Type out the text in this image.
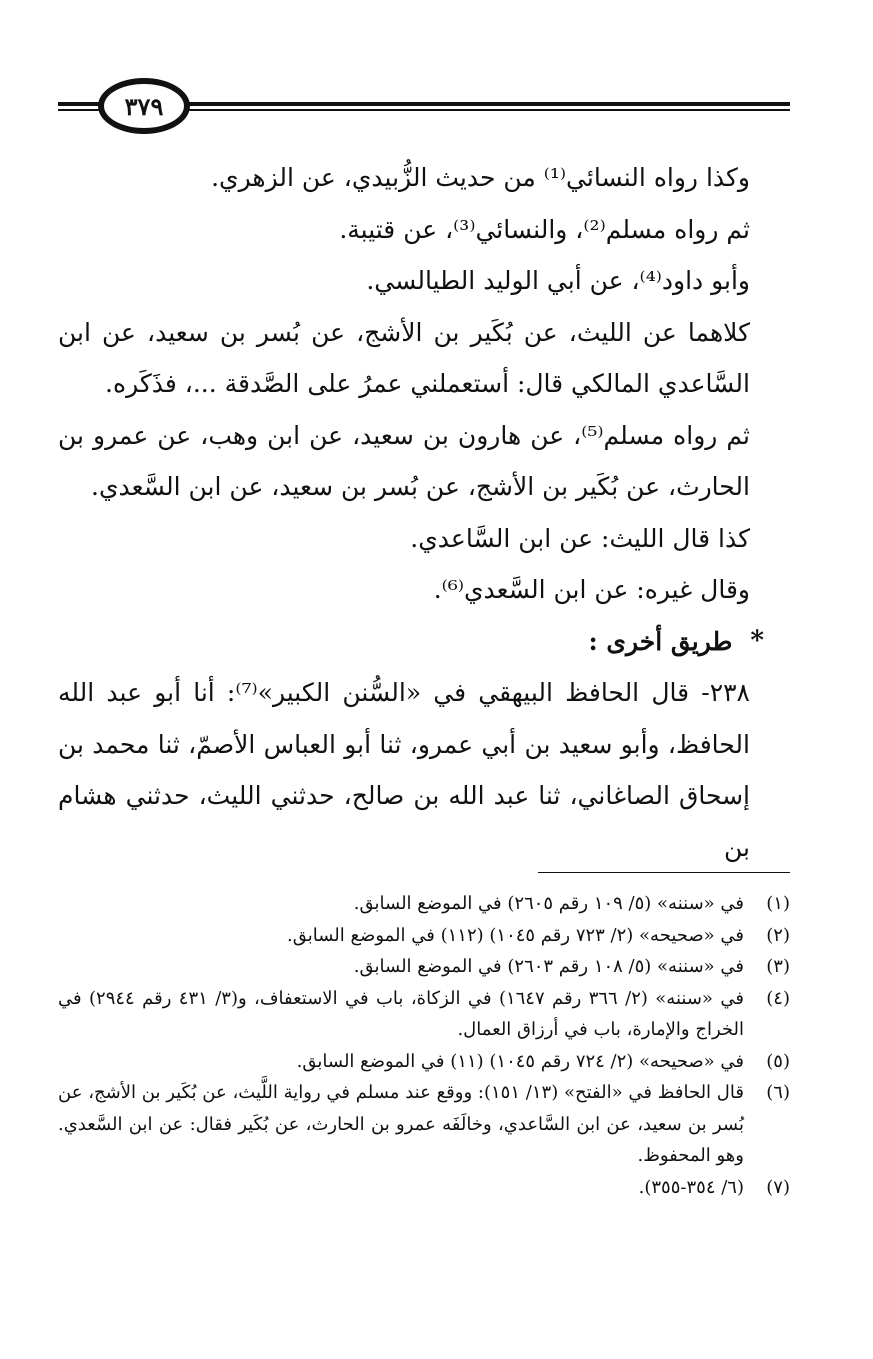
٣٧٩

وكذا رواه النسائي⁽¹⁾ من حديث الزُّبيدي، عن الزهري.

ثم رواه مسلم⁽²⁾، والنسائي⁽³⁾، عن قتيبة.

وأبو داود⁽⁴⁾، عن أبي الوليد الطيالسي.

كلاهما عن الليث، عن بُكَير بن الأشج، عن بُسر بن سعيد، عن ابن السَّاعدي المالكي قال: أستعملني عمرُ على الصَّدقة ...، فذَكَره.

ثم رواه مسلم⁽⁵⁾، عن هارون بن سعيد، عن ابن وهب، عن عمرو بن الحارث، عن بُكَير بن الأشج، عن بُسر بن سعيد، عن ابن السَّعدي.

كذا قال الليث: عن ابن السَّاعدي.

وقال غيره: عن ابن السَّعدي⁽⁶⁾.

*
طريق أخرى :

٢٣٨- قال الحافظ البيهقي في «السُّنن الكبير»⁽⁷⁾: أنا أبو عبد الله الحافظ، وأبو سعيد بن أبي عمرو، ثنا أبو العباس الأصمّ، ثنا محمد بن إسحاق الصاغاني، ثنا عبد الله بن صالح، حدثني الليث، حدثني هشام بن

(١)
في «سننه» (٥/ ١٠٩ رقم ٢٦٠٥) في الموضع السابق.
(٢)
في «صحيحه» (٢/ ٧٢٣ رقم ١٠٤٥) (١١٢) في الموضع السابق.
(٣)
في «سننه» (٥/ ١٠٨ رقم ٢٦٠٣) في الموضع السابق.
(٤)
في «سننه» (٢/ ٣٦٦ رقم ١٦٤٧) في الزكاة، باب في الاستعفاف، و(٣/ ٤٣١ رقم ٢٩٤٤) في الخراج والإمارة، باب في أرزاق العمال.
(٥)
في «صحيحه» (٢/ ٧٢٤ رقم ١٠٤٥) (١١) في الموضع السابق.
(٦)
قال الحافظ في «الفتح» (١٣/ ١٥١): ووقع عند مسلم في رواية اللَّيث، عن بُكَير بن الأشج، عن بُسر بن سعيد، عن ابن السَّاعدي، وخالَفَه عمرو بن الحارث، عن بُكَير فقال: عن ابن السَّعدي. وهو المحفوظ.
(٧)
(٦/ ٣٥٤-٣٥٥).
